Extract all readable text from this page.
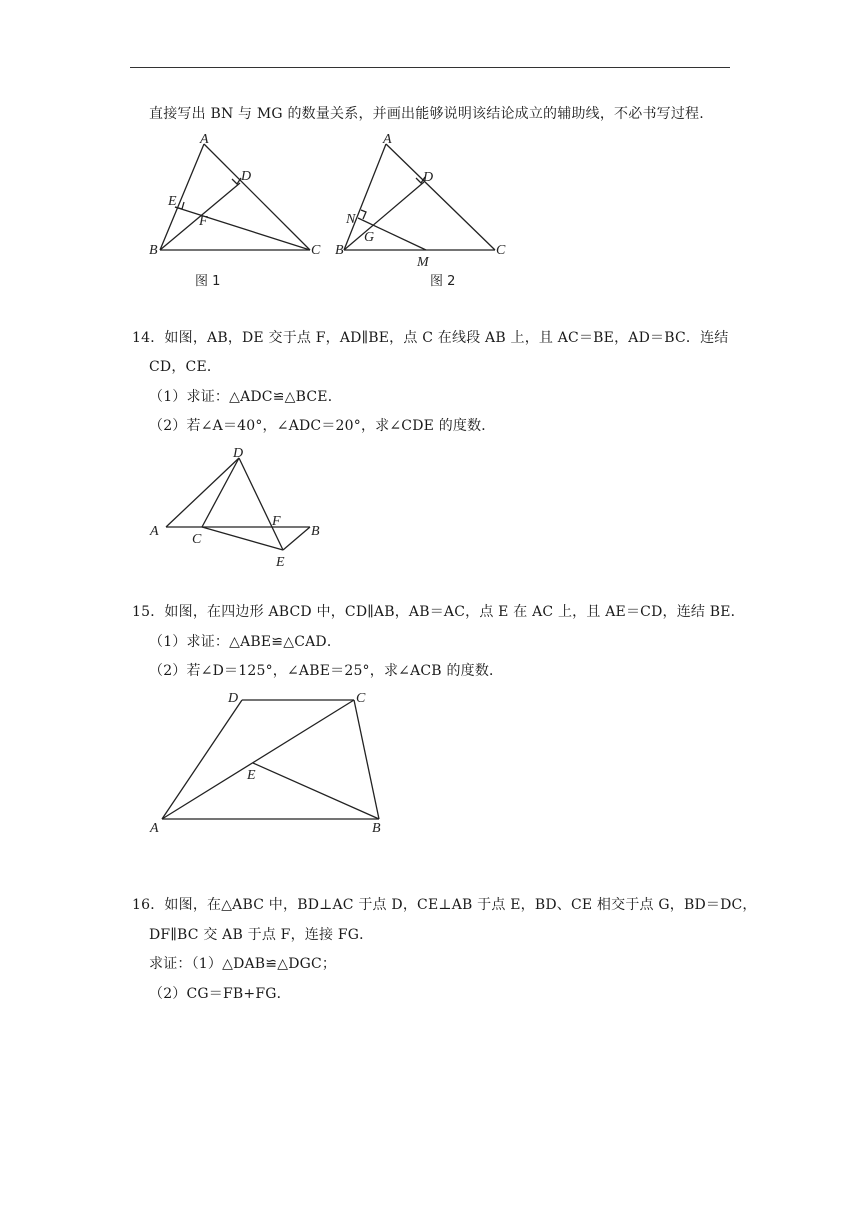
直接写出 BN 与 MG 的数量关系，并画出能够说明该结论成立的辅助线，不必书写过程.
A
D
E
F
B	C
图 1
A
D
N
G
B	C
M
图 2
14．如图，AB，DE 交于点 F，AD∥BE，点 C 在线段 AB 上，且 AC＝BE，AD＝BC．连结
CD，CE．
（1）求证：△ADC≌△BCE．
（2）若∠A＝40°，∠ADC＝20°，求∠CDE 的度数．
D
A
C
F
B
E
15．如图，在四边形 ABCD 中，CD∥AB，AB＝AC，点 E 在 AC 上，且 AE＝CD，连结 BE．
（1）求证：△ABE≌△CAD．
（2）若∠D＝125°，∠ABE＝25°，求∠ACB 的度数．
D	C
E
A	B
16．如图，在△ABC 中，BD⊥AC 于点 D，CE⊥AB 于点 E，BD、CE 相交于点 G，BD＝DC，
DF∥BC 交 AB 于点 F，连接 FG．
求证：（1）△DAB≌△DGC；
（2）CG＝FB+FG．
